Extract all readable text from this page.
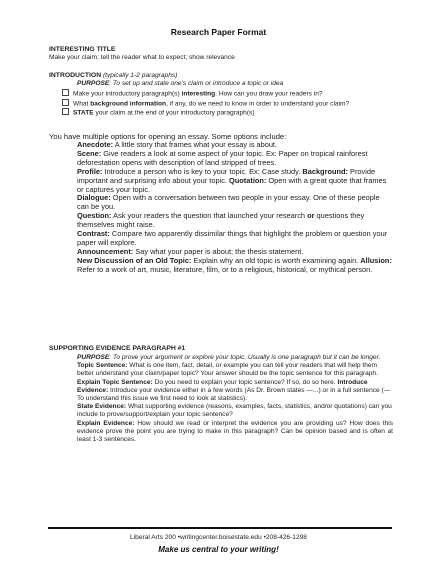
Research Paper Format

INTERESTING TITLE

Make your claim; tell the reader what to expect; show relevance

INTRODUCTION (typically 1-2 paragraphs)
PURPOSE: To set up and state one's claim or introduce a topic or idea

Make your introductory paragraph(s) interesting. How can you draw your readers in?

What background information, if any, do we need to know in order to understand your claim?

STATE your claim at the end of your introductory paragraph(s)

You have multiple options for opening an essay. Some options include:

Anecdote: A little story that frames what your essay is about.

Scene: Give readers a look at some aspect of your topic. Ex: Paper on tropical rainforest deforestation opens with description of land stripped of trees.

Profile: Introduce a person who is key to your topic. Ex: Case study. Background: Provide important and surprising info about your topic. Quotation: Open with a great quote that frames or captures your topic.

Dialogue: Open with a conversation between two people in your essay. One of these people can be you.

Question: Ask your readers the question that launched your research or questions they themselves might raise.

Contrast: Compare two apparently dissimilar things that highlight the problem or question your paper will explore.

Announcement: Say what your paper is about; the thesis statement.

New Discussion of an Old Topic: Explain why an old topic is worth examining again. Allusion: Refer to a work of art, music, literature, film, or to a religious, historical, or mythical person.

SUPPORTING EVIDENCE PARAGRAPH #1

PURPOSE: To prove your argument or explore your topic. Usually is one paragraph but it can be longer.

Topic Sentence: What is one item, fact, detail, or example you can tell your readers that will help them better understand your claim/paper topic? Your answer should be the topic sentence for this paragraph.

Explain Topic Sentence: Do you need to explain your topic sentence? If so, do so here. Introduce Evidence: Introduce your evidence either in a few words (As Dr. Brown states —...) or in a full sentence (—To understand this issue we first need to look at statistics).

State Evidence: What supporting evidence (reasons, examples, facts, statistics, and/or quotations) can you include to prove/support/explain your topic sentence?

Explain Evidence: How should we read or interpret the evidence you are providing us? How does this evidence prove the point you are trying to make in this paragraph? Can be opinion based and is often at least 1-3 sentences.

Liberal Arts 200 •writingcenter.boisestate.edu •208-426-1298
Make us central to your writing!
